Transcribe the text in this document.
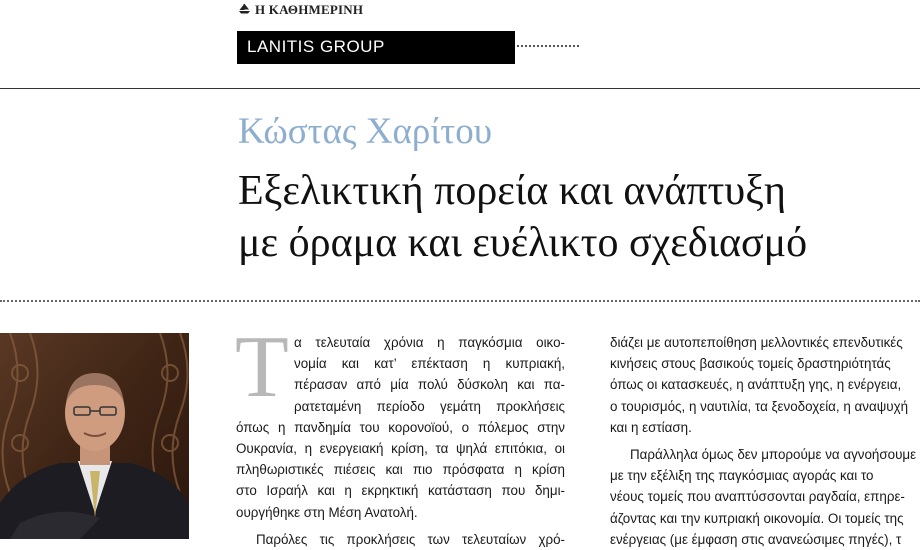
Η ΚΑΘΗΜΕΡΙΝΗ
LANITIS GROUP
Κώστας Χαρίτου
Εξελικτική πορεία και ανάπτυξη
με όραμα και ευέλικτο σχεδιασμό
Τ α τελευταία χρόνια η παγκόσμια οικο-
νομία και κατ’ επέκταση η κυπριακή,
πέρασαν από μία πολύ δύσκολη και πα-
ρατεταμένη περίοδο γεμάτη προκλήσεις
όπως η πανδημία του κορονοϊού, ο πόλεμος στην
Ουκρανία, η ενεργειακή κρίση, τα ψηλά επιτόκια, οι
πληθωριστικές πιέσεις και πιο πρόσφατα η κρίση
στο Ισραήλ και η εκρηκτική κατάσταση που δημι-
ουργήθηκε στη Μέση Ανατολή.
Παρόλες τις προκλήσεις των τελευταίων χρό-
διάζει με αυτοπεποίθηση μελλοντικές επενδυτικές
κινήσεις στους βασικούς τομείς δραστηριότητάς
όπως οι κατασκευές, η ανάπτυξη γης, η ενέργεια,
ο τουρισμός, η ναυτιλία, τα ξενοδοχεία, η αναψυχή
και η εστίαση.
Παράλληλα όμως δεν μπορούμε να αγνοήσουμε
με την εξέλιξη της παγκόσμιας αγοράς και το
νέους τομείς που αναπτύσσονται ραγδαία, επηρε-
άζοντας και την κυπριακή οικονομία. Οι τομείς της
ενέργειας (με έμφαση στις ανανεώσιμες πηγές), τ
